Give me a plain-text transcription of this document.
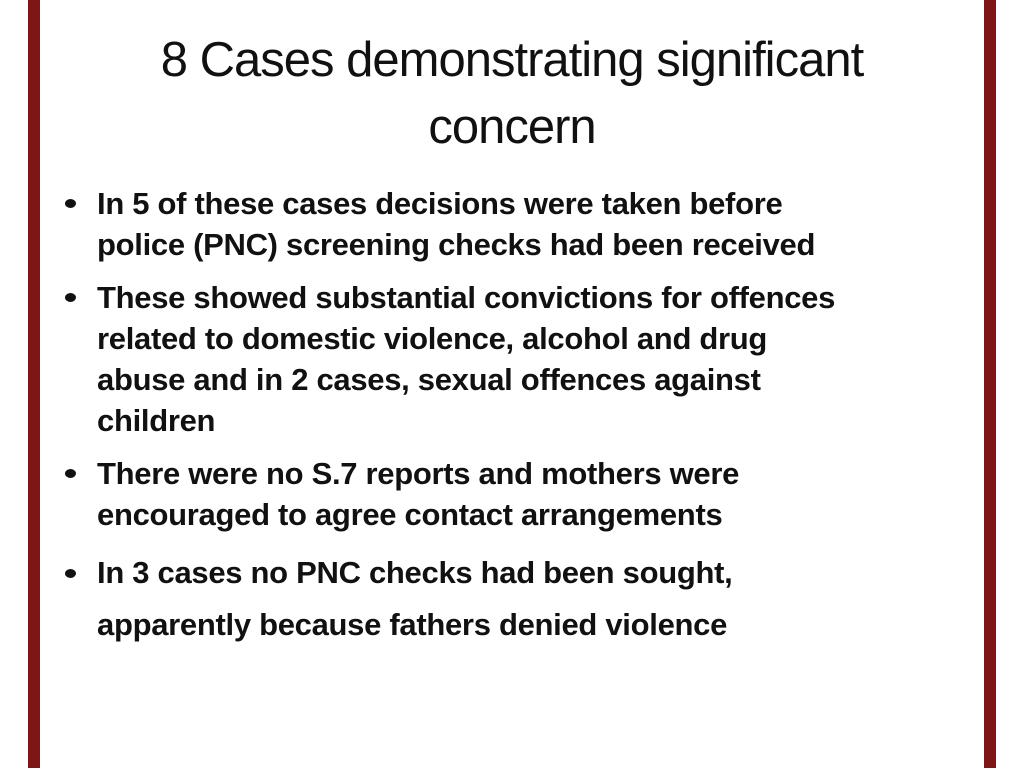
8 Cases demonstrating significant
concern
In 5 of these cases decisions were taken before
police (PNC) screening checks had been received
These showed substantial convictions for offences
related to domestic violence, alcohol and drug
abuse and in 2 cases, sexual offences against
children
There were no S.7 reports and mothers were
encouraged to agree contact arrangements
In 3 cases no PNC checks had been sought,
apparently because fathers denied violence
